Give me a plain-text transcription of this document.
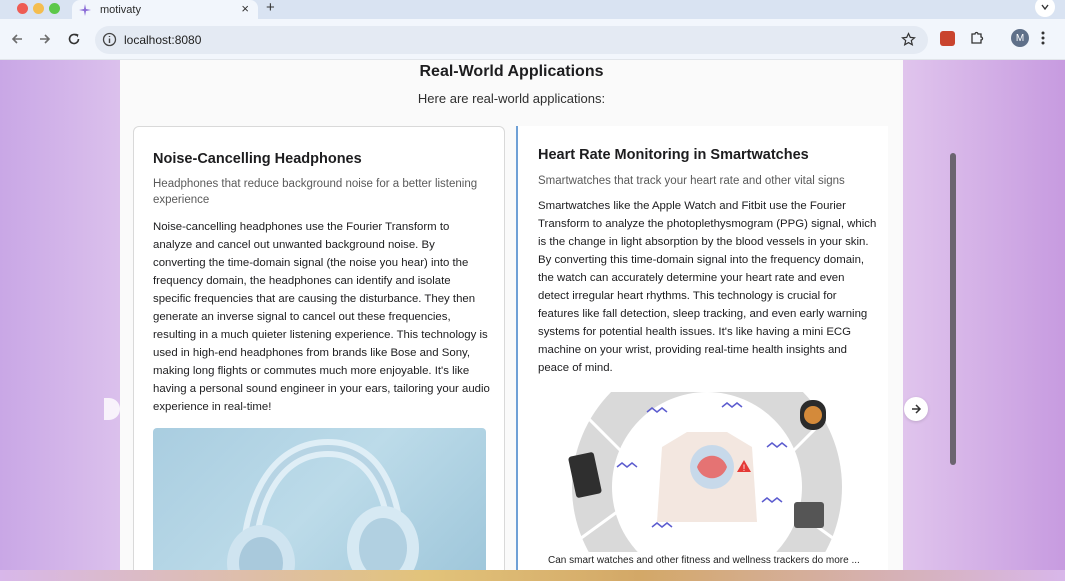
motivaty	× +
localhost:8080	M
Real-World Applications
Here are real-world applications:
Noise-Cancelling Headphones
Headphones that reduce background noise for a better listening experience
Noise-cancelling headphones use the Fourier Transform to analyze and cancel out unwanted background noise. By converting the time-domain signal (the noise you hear) into the frequency domain, the headphones can identify and isolate specific frequencies that are causing the disturbance. They then generate an inverse signal to cancel out these frequencies, resulting in a much quieter listening experience. This technology is used in high-end headphones from brands like Bose and Sony, making long flights or commutes much more enjoyable. It's like having a personal sound engineer in your ears, tailoring your audio experience in real-time!
Heart Rate Monitoring in Smartwatches
Smartwatches that track your heart rate and other vital signs
Smartwatches like the Apple Watch and Fitbit use the Fourier Transform to analyze the photoplethysmogram (PPG) signal, which is the change in light absorption by the blood vessels in your skin. By converting this time-domain signal into the frequency domain, the watch can accurately determine your heart rate and even detect irregular heart rhythms. This technology is crucial for features like fall detection, sleep tracking, and even early warning systems for potential health issues. It's like having a mini ECG machine on your wrist, providing real-time health insights and peace of mind.
!
Can smart watches and other fitness and wellness trackers do more ...
